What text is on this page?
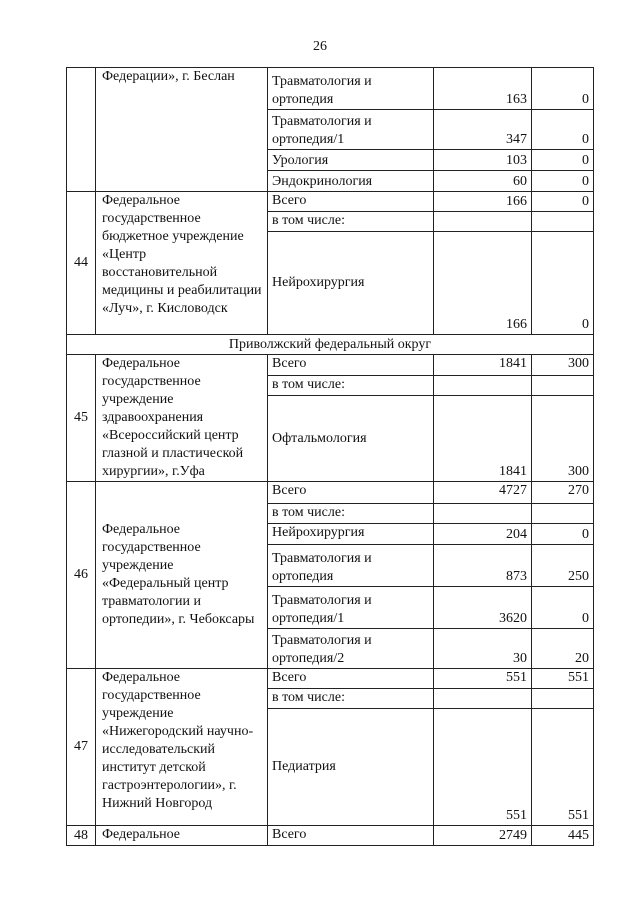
26
	Федерации», г. Беслан	Травматология и ортопедия	163	0
		Травматология и ортопедия/1	347	0
		Урология	103	0
		Эндокринология	60	0
44	Федеральное государственное бюджетное учреждение «Центр восстановительной медицины и реабилитации «Луч», г. Кисловодск	Всего	166	0
		в том числе:		
		Нейрохирургия	166	0
Приволжский федеральный округ				
45	Федеральное государственное учреждение здравоохранения «Всероссийский центр глазной и пластической хирургии», г.Уфа	Всего	1841	300
		в том числе:		
		Офтальмология	1841	300
46	Федеральное государственное учреждение «Федеральный центр травматологии и ортопедии», г. Чебоксары	Всего	4727	270
		в том числе:		
		Нейрохирургия	204	0
		Травматология и ортопедия	873	250
		Травматология и ортопедия/1	3620	0
		Травматология и ортопедия/2	30	20
47	Федеральное государственное учреждение «Нижегородский научно-исследовательский институт детской гастроэнтерологии», г. Нижний Новгород	Всего	551	551
		в том числе:		
		Педиатрия	551	551
48	Федеральное	Всего	2749	445
